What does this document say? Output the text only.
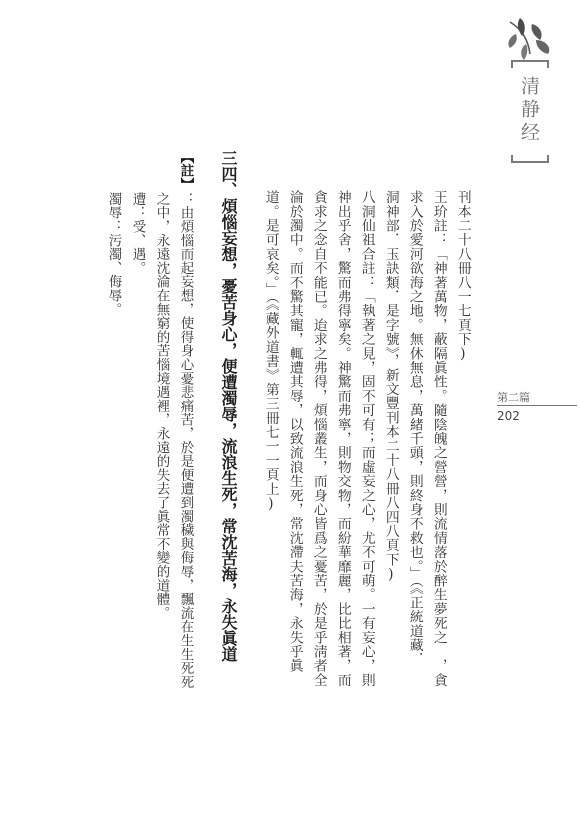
清静经
第二篇
202
刊本二十八冊八一七頁下)
王玠註：「神著萬物，蔽隔眞性。隨陰魄之營營，則流情落於醉生夢死之　，貪
求入於愛河欲海之地。無休無息，萬緒千頭，則終身不救也。」（《正統道藏．
洞神部．玉訣類．是字號》，新文豐刊本二十八冊八四八頁下)
八洞仙祖合註：「執著之見，固不可有；而虛妄之心，尤不可萌。一有妄心，則
神出乎舍，驚而弗得寧矣。神驚而弗寧，則物交物，而紛華靡麗，比比相著，而
貪求之念自不能已。迨求之弗得，煩惱叢生，而身心皆爲之憂苦，於是乎淸者全
淪於濁中。而不驚其寵，輒遭其辱，以致流浪生死，常沈滯夫苦海，永失乎眞
道。是可哀矣。」（《藏外道書》第三冊七一一頁上)
三四、煩惱妄想，憂苦身心，便遭濁辱，流浪生死，常沈苦海，永失眞道
【註】
：由煩惱而起妄想，使得身心憂悲痛苦，於是便遭到濁穢與侮辱，飄流在生生死死
之中，永遠沈淪在無窮的苦惱境遇裡，永遠的失去了眞常不變的道體。
遭：受、遇。
濁辱：污濁、侮辱。
